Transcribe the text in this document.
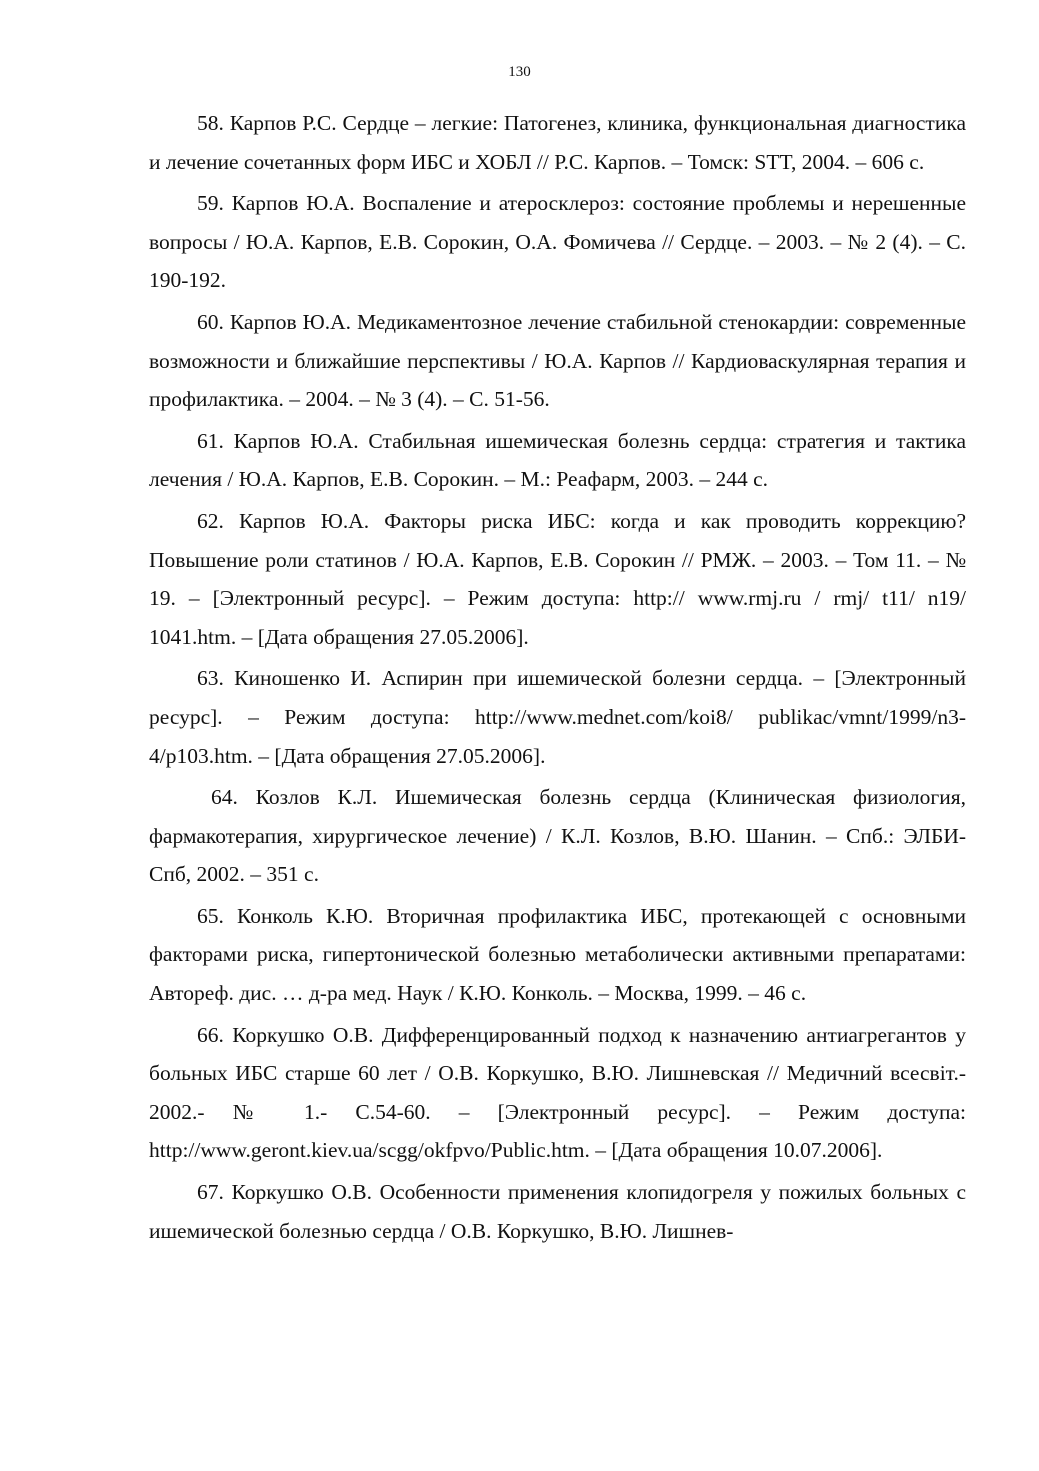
130

58. Карпов Р.С. Сердце – легкие: Патогенез, клиника, функциональная диагностика и лечение сочетанных форм ИБС и ХОБЛ // Р.С. Карпов. – Томск: STT, 2004. – 606 с.

59. Карпов Ю.А. Воспаление и атеросклероз: состояние проблемы и нерешенные вопросы / Ю.А. Карпов, Е.В. Сорокин, О.А. Фомичева // Сердце. – 2003. – № 2 (4). – С. 190-192.

60. Карпов Ю.А. Медикаментозное лечение стабильной стенокардии: современные возможности и ближайшие перспективы / Ю.А. Карпов // Кардиоваскулярная терапия и профилактика. – 2004. – № 3 (4). – С. 51-56.

61. Карпов Ю.А. Стабильная ишемическая болезнь сердца: стратегия и тактика лечения / Ю.А. Карпов, Е.В. Сорокин. – М.: Реафарм, 2003. – 244 с.

62. Карпов Ю.А. Факторы риска ИБС: когда и как проводить коррекцию? Повышение роли статинов / Ю.А. Карпов, Е.В. Сорокин // РМЖ. – 2003. – Том 11. – № 19. – [Электронный ресурс]. – Режим доступа: http:// www.rmj.ru / rmj/ t11/ n19/ 1041.htm. – [Дата обращения 27.05.2006].

63. Киношенко И. Аспирин при ишемической болезни сердца. – [Электронный ресурс]. – Режим доступа: http://www.mednet.com/koi8/ publikac/vmnt/1999/n3-4/p103.htm. – [Дата обращения 27.05.2006].

64. Козлов К.Л. Ишемическая болезнь сердца (Клиническая физиология, фармакотерапия, хирургическое лечение) / К.Л. Козлов, В.Ю. Шанин. – Спб.: ЭЛБИ-Спб, 2002. – 351 с.

65. Конколь К.Ю. Вторичная профилактика ИБС, протекающей с основными факторами риска, гипертонической болезнью метаболически активными препаратами: Автореф. дис. … д-ра мед. Наук / К.Ю. Конколь. – Москва, 1999. – 46 с.

66. Коркушко О.В. Дифференцированный подход к назначению антиагрегантов у больных ИБС старше 60 лет / О.В. Коркушко, В.Ю. Лишневская // Медичний всесвіт.- 2002.- № 1.- С.54-60. – [Электронный ресурс]. – Режим доступа: http://www.geront.kiev.ua/scgg/okfpvo/Public.htm. – [Дата обращения 10.07.2006].

67. Коркушко О.В. Особенности применения клопидогреля у пожилых больных с ишемической болезнью сердца / О.В. Коркушко, В.Ю. Лишнев-
